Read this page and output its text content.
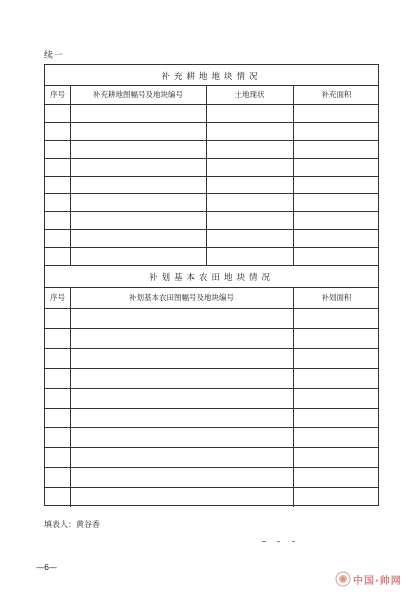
续一
补充耕地地块情况
补划基本农田地块情况
序号	补充耕地图幅号及地块编号	土地现状	补充面积
序号	补划基本农田图幅号及地块编号	补划面积
填表人：黄谷香
—6—
中国·帅网
